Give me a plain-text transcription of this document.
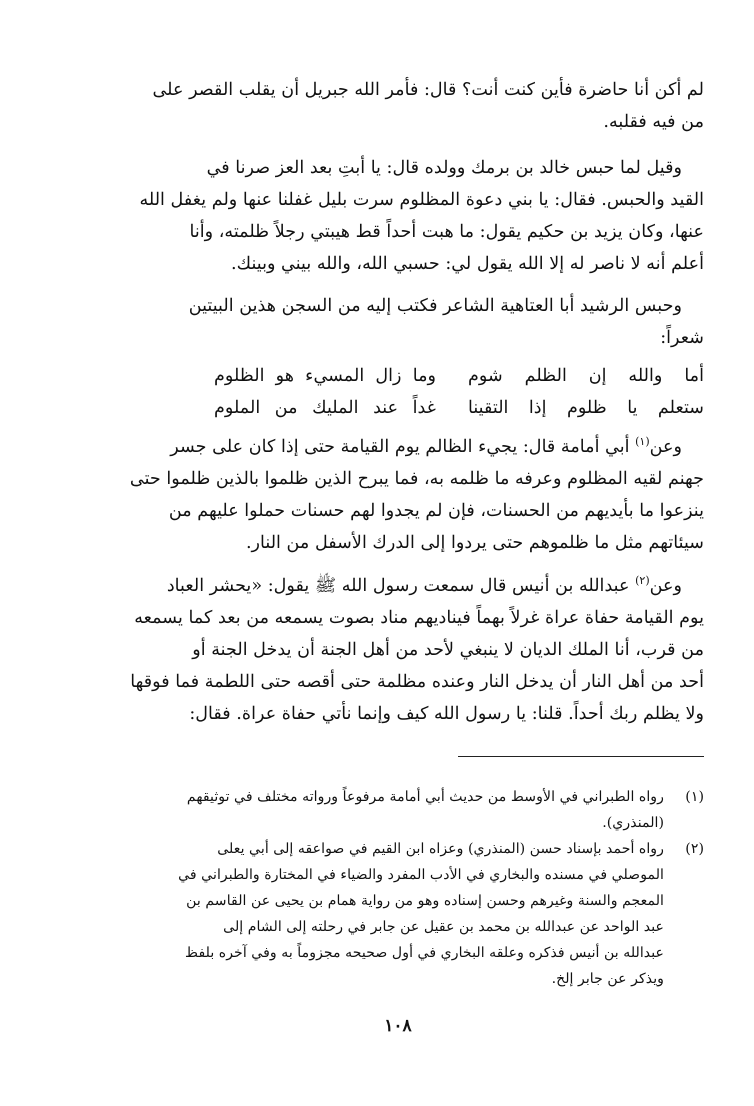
لم أكن أنا حاضرة فأين كنت أنت؟ قال: فأمر الله جبريل أن يقلب القصر على
من فيه فقلبه.
وقيل لما حبس خالد بن برمك وولده قال: يا أبتِ بعد العز صرنا في
القيد والحبس. فقال: يا بني دعوة المظلوم سرت بليل غفلنا عنها ولم يغفل الله
عنها، وكان يزيد بن حكيم يقول: ما هبت أحداً قط هيبتي رجلاً ظلمته، وأنا
أعلم أنه لا ناصر له إلا الله يقول لي: حسبي الله، والله بيني وبينك.
وحبس الرشيد أبا العتاهية الشاعر فكتب إليه من السجن هذين البيتين
شعراً:
أما والله إن الظلم شوم
وما زال المسيء هو الظلوم
ستعلم يا ظلوم إذا التقينا
غداً عند المليك من الملوم
وعن$^{(١)}$ أبي أمامة قال: يجيء الظالم يوم القيامة حتى إذا كان على جسر
جهنم لقيه المظلوم وعرفه ما ظلمه به، فما يبرح الذين ظلموا بالذين ظلموا حتى
ينزعوا ما بأيديهم من الحسنات، فإن لم يجدوا لهم حسنات حملوا عليهم من
سيئاتهم مثل ما ظلموهم حتى يردوا إلى الدرك الأسفل من النار.
وعن$^{(٢)}$ عبدالله بن أنيس قال سمعت رسول الله ﷺ يقول: «يحشر العباد
يوم القيامة حفاة عراة غرلاً بهماً فيناديهم مناد بصوت يسمعه من بعد كما يسمعه
من قرب، أنا الملك الديان لا ينبغي لأحد من أهل الجنة أن يدخل الجنة أو
أحد من أهل النار أن يدخل النار وعنده مظلمة حتى أقصه حتى اللطمة فما فوقها
ولا يظلم ربك أحداً. قلنا: يا رسول الله كيف وإنما نأتي حفاة عراة. فقال:
(١)
رواه الطبراني في الأوسط من حديث أبي أمامة مرفوعاً ورواته مختلف في توثيقهم
(المنذري).
(٢)
رواه أحمد بإسناد حسن (المنذري) وعزاه ابن القيم في صواعقه إلى أبي يعلى
الموصلي في مسنده والبخاري في الأدب المفرد والضياء في المختارة والطبراني في
المعجم والسنة وغيرهم وحسن إسناده وهو من رواية همام بن يحيى عن القاسم بن
عبد الواحد عن عبدالله بن محمد بن عقيل عن جابر في رحلته إلى الشام إلى
عبدالله بن أنيس فذكره وعلقه البخاري في أول صحيحه مجزوماً به وفي آخره بلفظ
ويذكر عن جابر إلخ.
١٠٨
